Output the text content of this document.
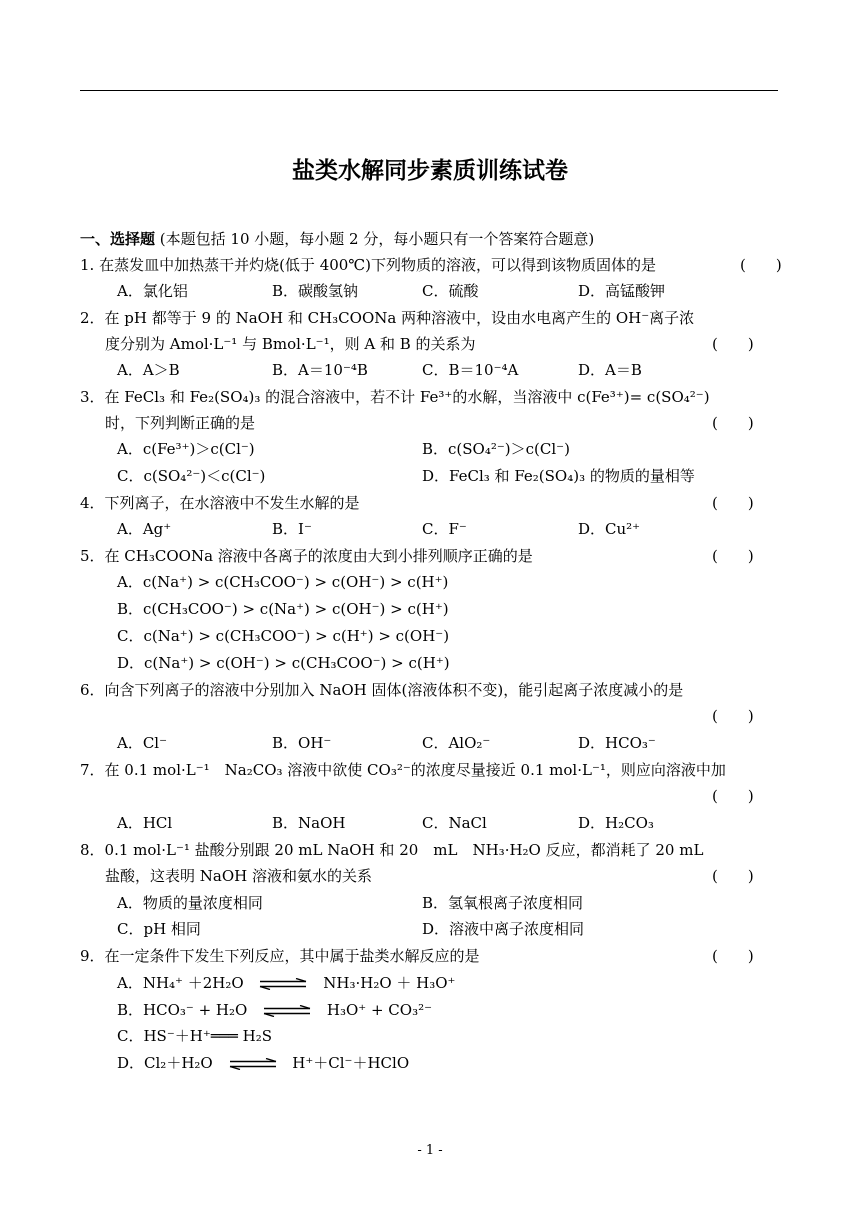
盐类水解同步素质训练试卷
一、选择题 (本题包括 10 小题，每小题 2 分，每小题只有一个答案符合题意)
1. 在蒸发皿中加热蒸干并灼烧(低于 400℃)下列物质的溶液，可以得到该物质固体的是	(　　)
A．氯化铝	B．碳酸氢钠	C．硫酸	D．高锰酸钾
2．在 pH 都等于 9 的 NaOH 和 CH₃COONa 两种溶液中，设由水电离产生的 OH⁻离子浓
度分别为 Amol·L⁻¹ 与 Bmol·L⁻¹，则 A 和 B 的关系为	(　　)
A．A＞B	B．A＝10⁻⁴B	C．B＝10⁻⁴A	D．A＝B
3．在 FeCl₃ 和 Fe₂(SO₄)₃ 的混合溶液中，若不计 Fe³⁺的水解，当溶液中 c(Fe³⁺)= c(SO₄²⁻)
时，下列判断正确的是	(　　)
A．c(Fe³⁺)＞c(Cl⁻)	B．c(SO₄²⁻)＞c(Cl⁻)
C．c(SO₄²⁻)＜c(Cl⁻)	D．FeCl₃ 和 Fe₂(SO₄)₃ 的物质的量相等
4．下列离子，在水溶液中不发生水解的是	(　　)
A．Ag⁺	B．I⁻	C．F⁻	D．Cu²⁺
5．在 CH₃COONa 溶液中各离子的浓度由大到小排列顺序正确的是	(　　)
A．c(Na⁺) > c(CH₃COO⁻) > c(OH⁻) > c(H⁺)
B．c(CH₃COO⁻) > c(Na⁺) > c(OH⁻) > c(H⁺)
C．c(Na⁺) > c(CH₃COO⁻) > c(H⁺) > c(OH⁻)
D．c(Na⁺) > c(OH⁻) > c(CH₃COO⁻) > c(H⁺)
6．向含下列离子的溶液中分别加入 NaOH 固体(溶液体积不变)，能引起离子浓度减小的是
(　　)
A．Cl⁻	B．OH⁻	C．AlO₂⁻	D．HCO₃⁻
7．在 0.1 mol·L⁻¹　Na₂CO₃ 溶液中欲使 CO₃²⁻的浓度尽量接近 0.1 mol·L⁻¹，则应向溶液中加
(　　)
A．HCl	B．NaOH	C．NaCl	D．H₂CO₃
8．0.1 mol·L⁻¹ 盐酸分别跟 20 mL NaOH 和 20　mL　NH₃·H₂O 反应，都消耗了 20 mL
盐酸，这表明 NaOH 溶液和氨水的关系	(　　)
A．物质的量浓度相同	B．氢氧根离子浓度相同
C．pH 相同	D．溶液中离子浓度相同
9．在一定条件下发生下列反应，其中属于盐类水解反应的是	(　　)
A．NH₄⁺ ＋2H₂O ⇌ NH₃·H₂O ＋ H₃O⁺
B．HCO₃⁻ + H₂O ⇌ H₃O⁺ + CO₃²⁻
C．HS⁻＋H⁺═══ H₂S
D．Cl₂＋H₂O ⇌ H⁺＋Cl⁻＋HClO
- 1 -
